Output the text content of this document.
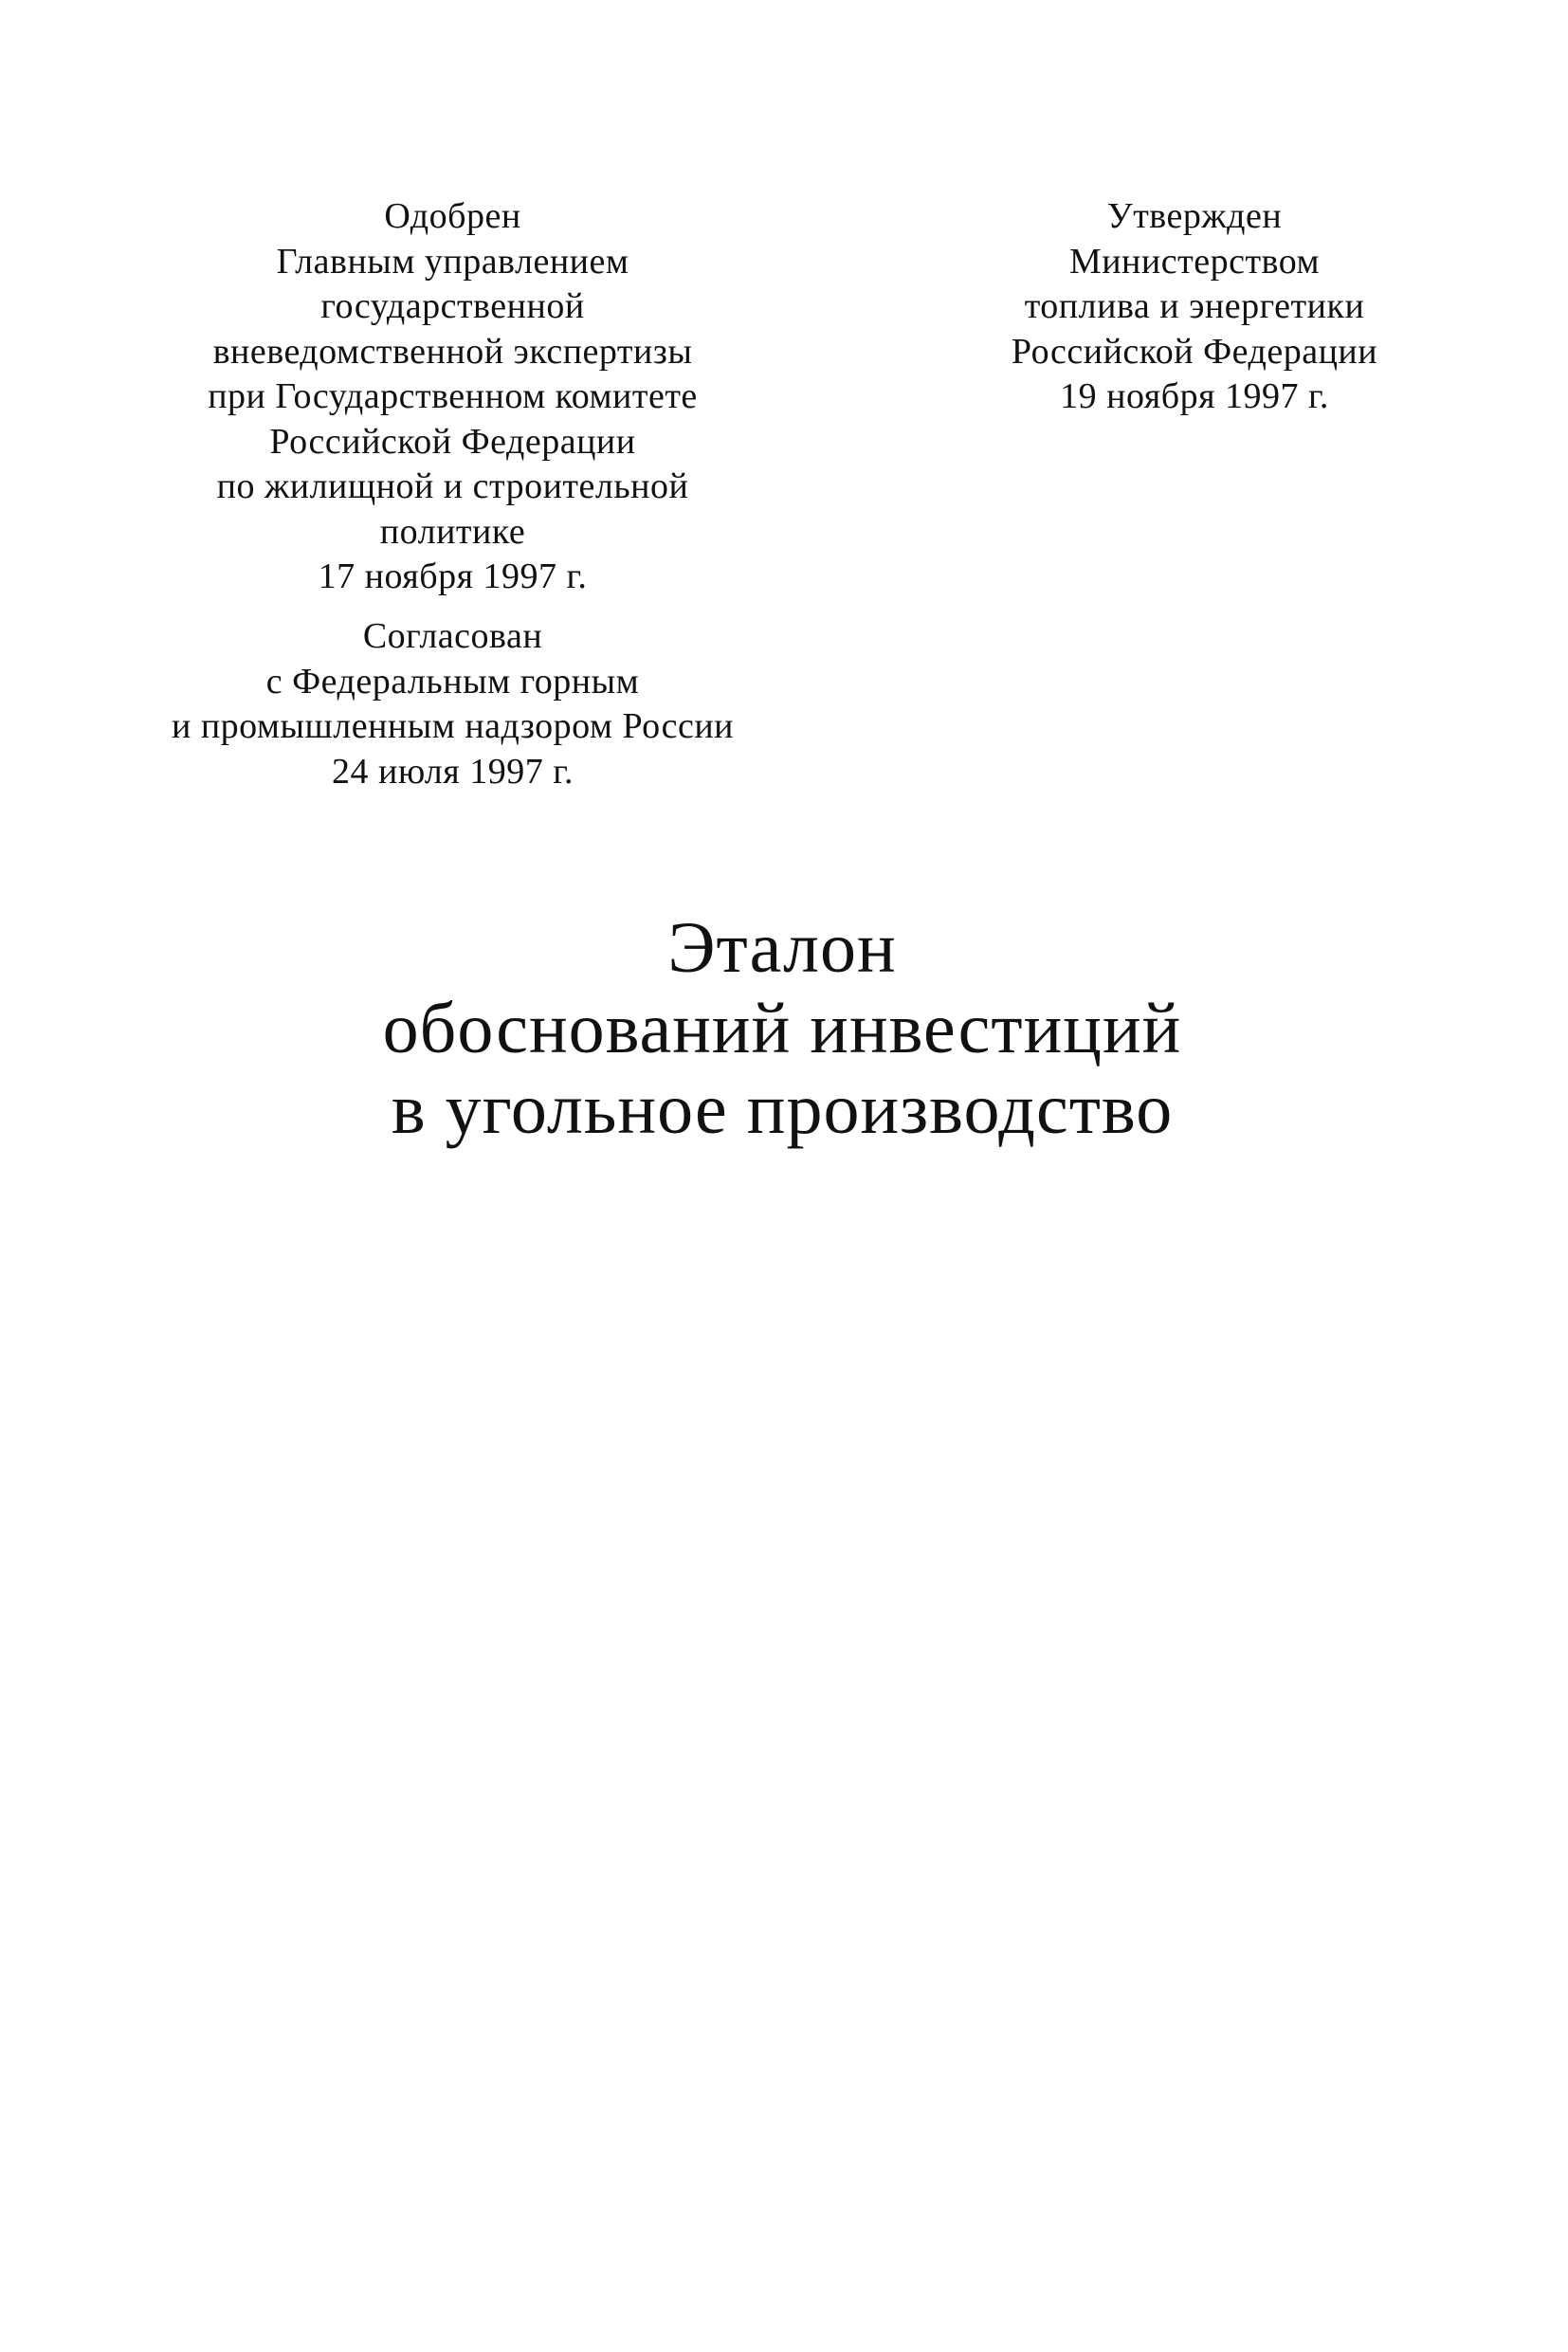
Одобрен
Главным управлением
государственной
вневедомственной экспертизы
при Государственном комитете
Российской Федерации
по жилищной и строительной
политике
17 ноября 1997 г.
Согласован
с Федеральным горным
и промышленным надзором России
24 июля 1997 г.
Утвержден
Министерством
топлива и энергетики
Российской Федерации
19 ноября 1997 г.
Эталон
обоснований инвестиций
в угольное производство
